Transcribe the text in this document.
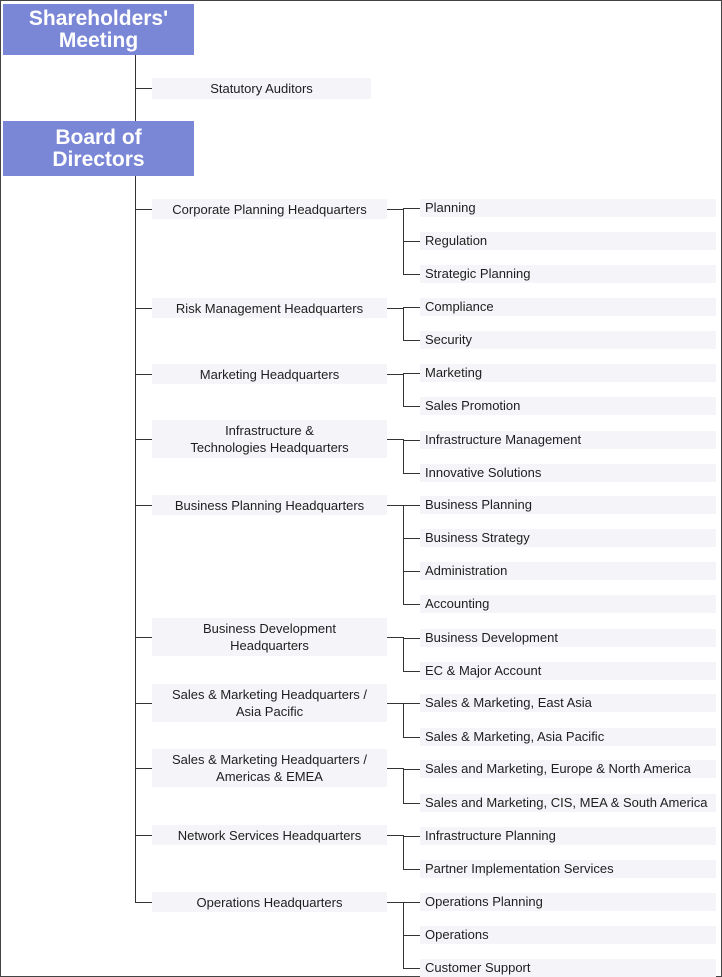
Shareholders'
Meeting
Statutory Auditors
Board of
Directors
Corporate Planning Headquarters	Planning
Regulation
Strategic Planning
Risk Management Headquarters	Compliance
Security
Marketing Headquarters	Marketing
Sales Promotion
Infrastructure &
Technologies Headquarters
Infrastructure Management
Innovative Solutions
Business Planning Headquarters	Business Planning
Business Strategy
Administration
Accounting
Business Development
Headquarters
Business Development
EC & Major Account
Sales & Marketing Headquarters /
Asia Pacific
Sales & Marketing, East Asia
Sales & Marketing, Asia Pacific
Sales & Marketing Headquarters /
Americas & EMEA
Sales and Marketing, Europe & North America
Sales and Marketing, CIS, MEA & South America
Network Services Headquarters	Infrastructure Planning
Partner Implementation Services
Operations Headquarters	Operations Planning
Operations
Customer Support
